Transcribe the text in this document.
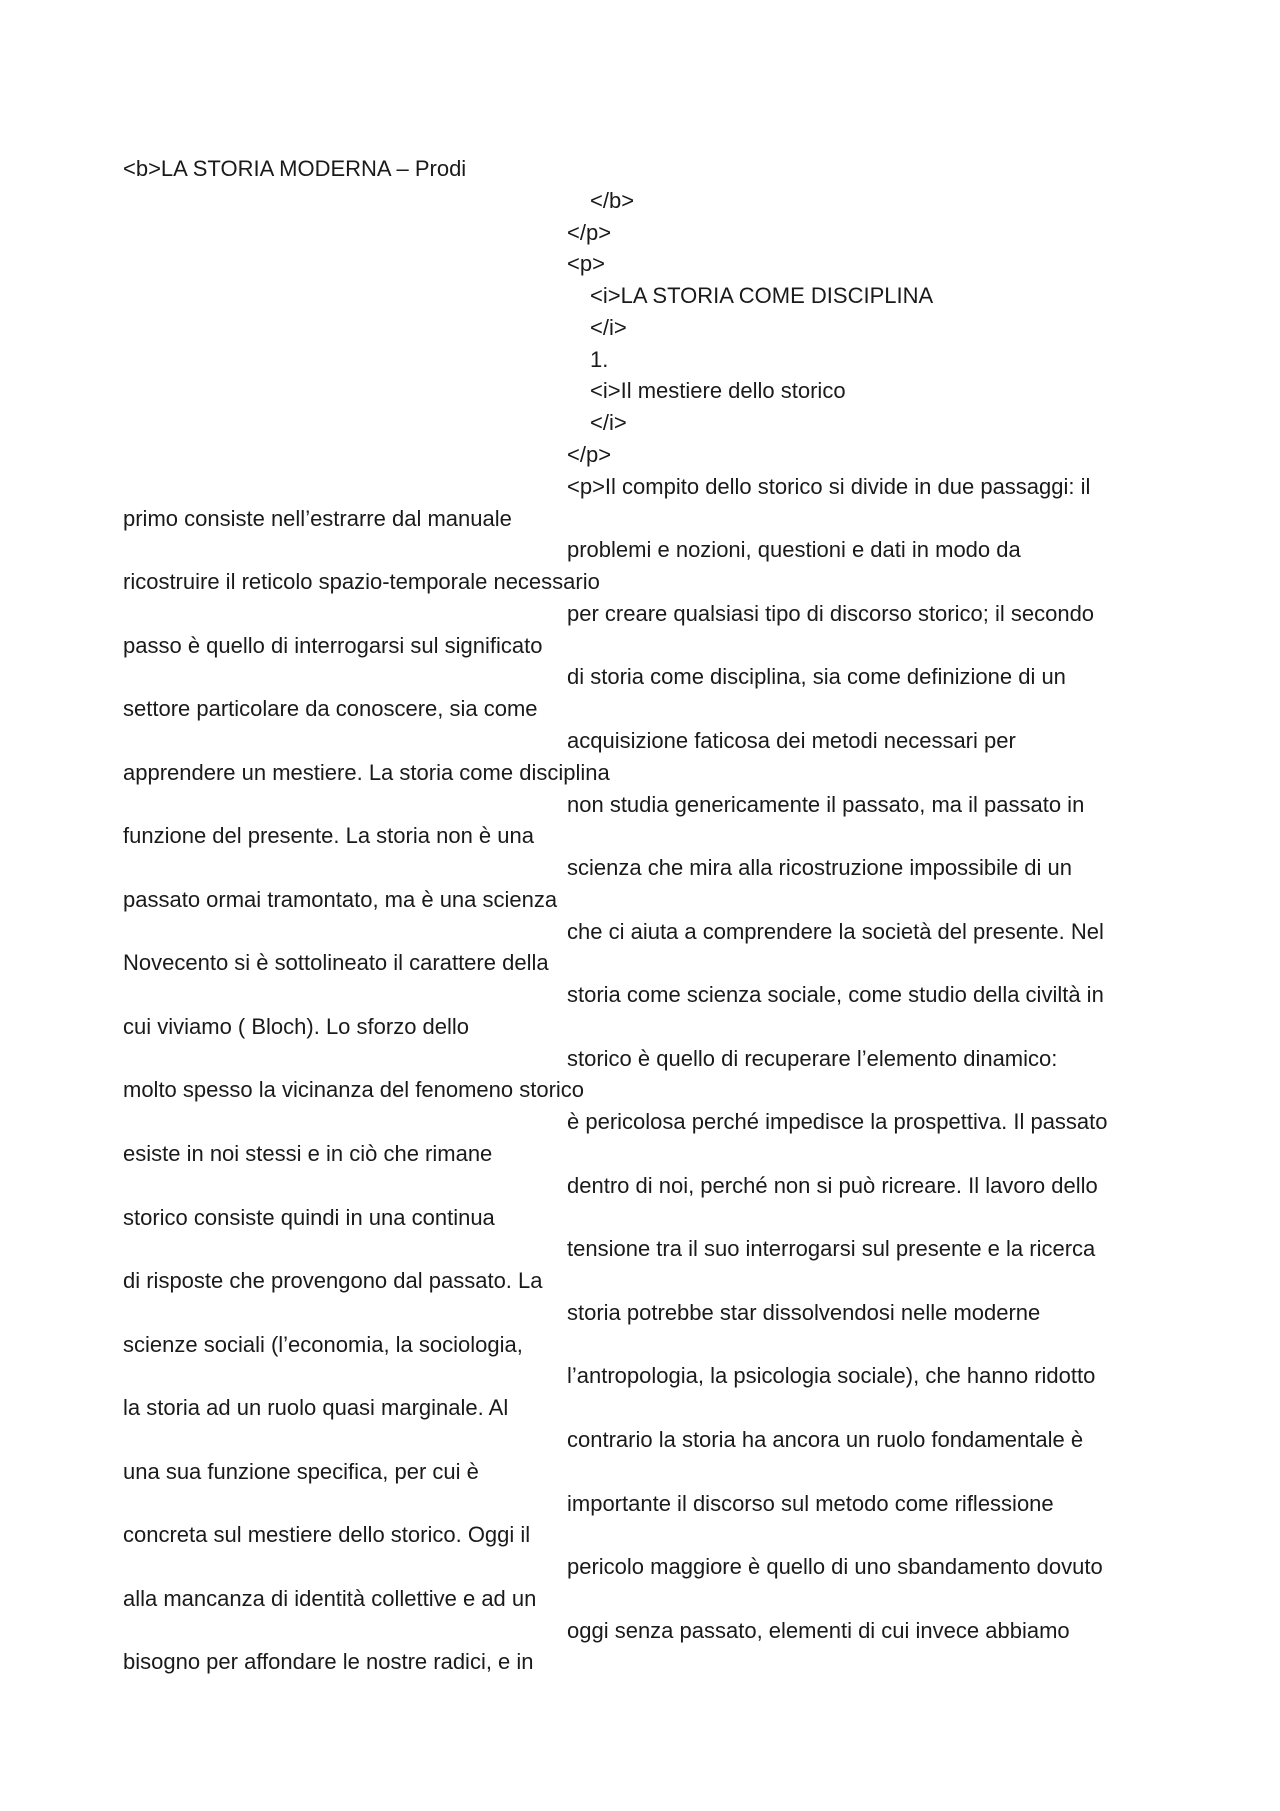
<b>LA STORIA MODERNA – Prodi

</b>

</p>

<p>

<i>LA STORIA COME DISCIPLINA

</i>

1.

<i>Il mestiere dello storico

</i>

</p>

<p>Il compito dello storico si divide in due passaggi: il

primo consiste nell’estrarre dal manuale

problemi e nozioni, questioni e dati in modo da

ricostruire il reticolo spazio-temporale necessario

per creare qualsiasi tipo di discorso storico; il secondo

passo è quello di interrogarsi sul significato

di storia come disciplina, sia come definizione di un

settore particolare da conoscere, sia come

acquisizione faticosa dei metodi necessari per

apprendere un mestiere. La storia come disciplina

non studia genericamente il passato, ma il passato in

funzione del presente. La storia non è una

scienza che mira alla ricostruzione impossibile di un

passato ormai tramontato, ma è una scienza

che ci aiuta a comprendere la società del presente. Nel

Novecento si è sottolineato il carattere della

storia come scienza sociale, come studio della civiltà in

cui viviamo ( Bloch). Lo sforzo dello

storico è quello di recuperare l’elemento dinamico:

molto spesso la vicinanza del fenomeno storico

è pericolosa perché impedisce la prospettiva. Il passato

esiste in noi stessi e in ciò che rimane

dentro di noi, perché non si può ricreare. Il lavoro dello

storico consiste quindi in una continua

tensione tra il suo interrogarsi sul presente e la ricerca

di risposte che provengono dal passato. La

storia potrebbe star dissolvendosi nelle moderne

scienze sociali (l’economia, la sociologia,

l’antropologia, la psicologia sociale), che hanno ridotto

la storia ad un ruolo quasi marginale. Al

contrario la storia ha ancora un ruolo fondamentale è

una sua funzione specifica, per cui è

importante il discorso sul metodo come riflessione

concreta sul mestiere dello storico. Oggi il

pericolo maggiore è quello di uno sbandamento dovuto

alla mancanza di identità collettive e ad un

oggi senza passato, elementi di cui invece abbiamo

bisogno per affondare le nostre radici, e in
